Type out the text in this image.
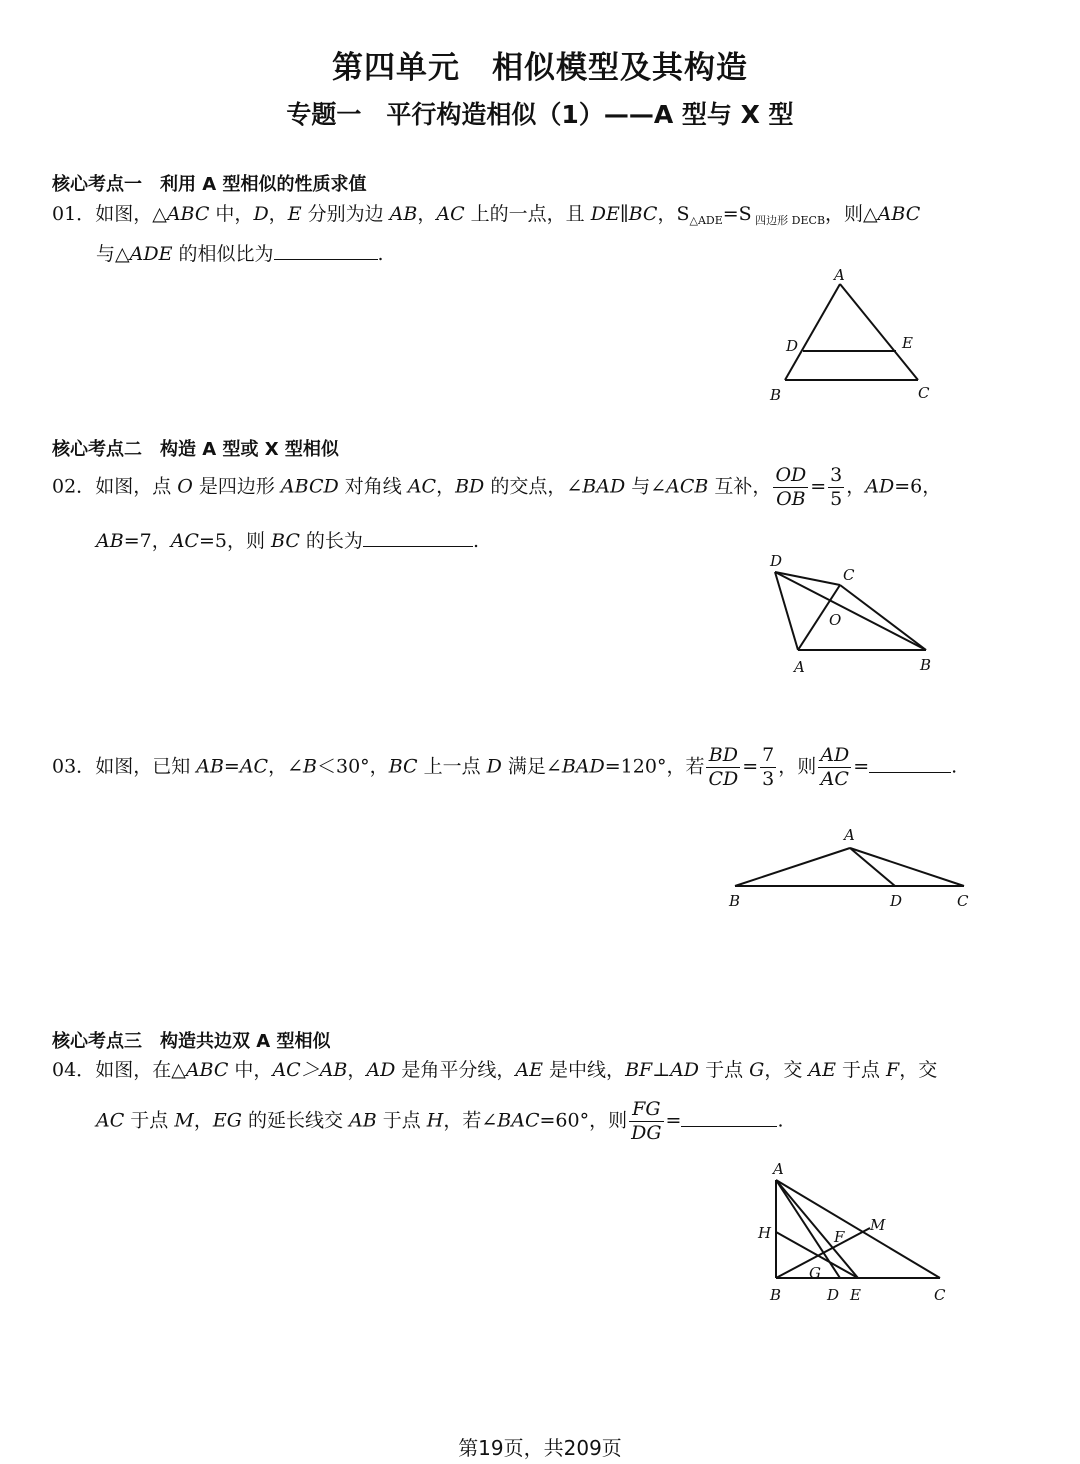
第四单元　相似模型及其构造
专题一　平行构造相似（1）——A 型与 X 型
核心考点一　利用 A 型相似的性质求值
01．如图，△ABC 中，D，E 分别为边 AB，AC 上的一点，且 DE∥BC，$S_{\triangle ADE}=S$ $_{四边形 DECB}$，则△ABC
与△ADE 的相似比为	.
A
D	E
B	C
核心考点二　构造 A 型或 X 型相似
02．如图，点 O 是四边形 ABCD 对角线 AC，BD 的交点，∠BAD 与∠ACB 互补， $\frac{OD}{OB} = \frac{3}{5}$ ，AD=6，
AB=7，AC=5，则 BC 的长为	.
D
C
O
A	B
03．如图，已知 AB=AC，∠B＜30°，BC 上一点 D 满足∠BAD=120°，若 $\frac{BD}{CD} = \frac{7}{3}$ ，则 $\frac{AD}{AC}$ =	.
A
B	D	C
核心考点三　构造共边双 A 型相似
04．如图，在△ABC 中，AC＞AB，AD 是角平分线，AE 是中线，BF⊥AD 于点 G，交 AE 于点 F，交
AC 于点 M，EG 的延长线交 AB 于点 H，若∠BAC=60°，则 $\frac{FG}{DG}$ =	.
A
H	M
F
G
B	D E	C
第19页，共209页
